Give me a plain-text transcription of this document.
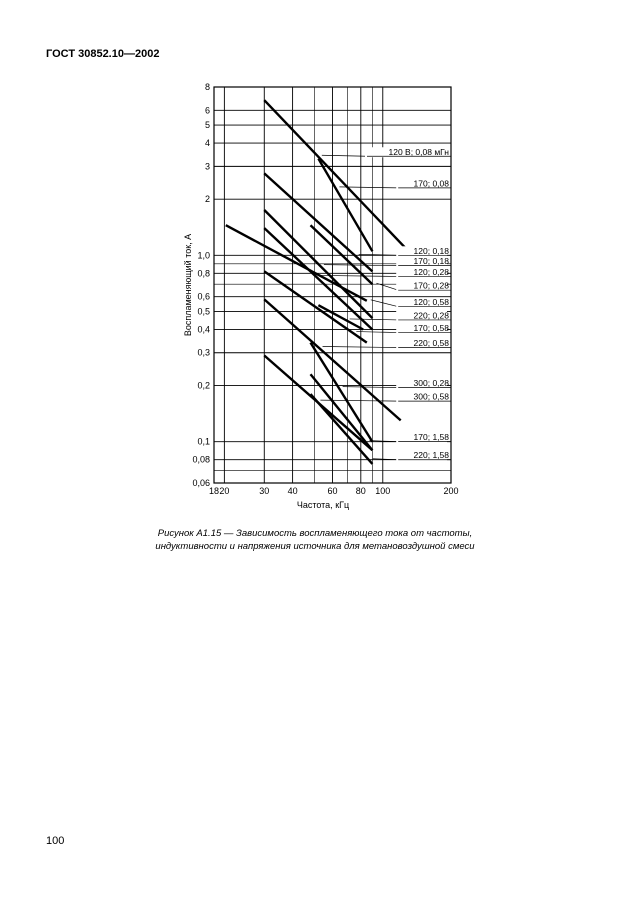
ГОСТ 30852.10—2002
120 В; 0,08 мГн
170; 0,08
120; 0,18
170; 0,18
120; 0,28
170; 0,28
120; 0,58
220; 0,28
170; 0,58
220; 0,58
300; 0,28
300; 0,58
170; 1,58
220; 1,58
18 20	30 40	60 80 100	200
8
6
5
4
3
2
1,0
0,8
0,6
0,5
0,4
0,3
0,2
0,1
0,08
0,06
Частота, кГц
Воспламеняющий ток, А
Рисунок А1.15 — Зависимость воспламеняющего тока от частоты,
индуктивности и напряжения источника для метановоздушной смеси
100
